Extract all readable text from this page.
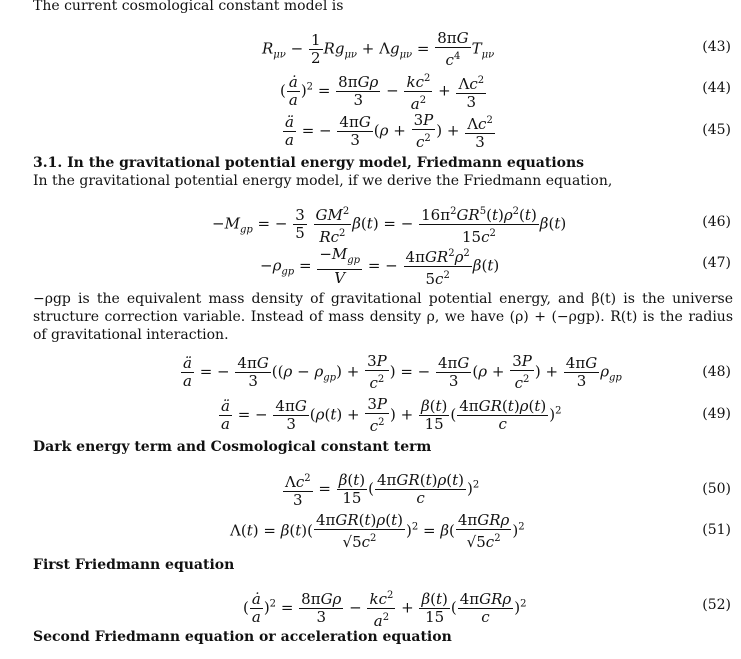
The current cosmological constant model is
$R_{\mu\nu} - \frac{1}{2} Rg_{\mu\nu} + \Lambda g_{\mu\nu} = \frac{8\pi G}{c^4} T_{\mu\nu}$	(43)
( $\frac{ȧ}{a} )^2 = \frac{\text{8πGρ}}{3} - \frac{kc^2}{a^2} + \frac{\Lambda c^2}{3}$	(44)
$\frac{ä}{a}$ = − $\frac{4\pi G}{3} (\rho + \frac{3P}{c^2}$ ) + $\frac{\Lambda c^2}{3}$	(45)
3.1. In the gravitational potential energy model, Friedmann equations
In the gravitational potential energy model, if we derive the Friedmann equation,
$-M_{gp}$ = − $\frac{3}{5}$
$\frac{GM^2}{Rc^2} \beta(t)$ = − $\frac{16\pi^2GR^5(t)\rho^2(t)}{15c^2} \beta(t)$	(46)
$-\rho_{gp} = \frac{-M_{gp}}{V}$ = − $\frac{4\pi GR^2\rho^2}{5c^2} \beta(t)$	(47)
−ρgp is the equivalent mass density of gravitational potential energy, and β(t) is the universe structure correction variable. Instead of mass density ρ, we have (ρ) + (−ρgp). R(t) is the radius of gravitational interaction.
$\frac{ä}{a}$ = − $\frac{4\pi G}{3} ((\rho - \rho_{gp}) + \frac{3P}{c^2}$ ) = − $\frac{4\pi G}{3} (\rho + \frac{3P}{c^2}$ ) + $\frac{4\pi G}{3} \rho_{gp}$	(48)
$\frac{ä}{a}$ = − $\frac{4\pi G}{3} (\rho(t) + \frac{3P}{c^2}$ ) + $\frac{\beta(t)}{15}$ ( $\frac{\text{4πGR(t)ρ(t)}}{c} )^2$	(49)
Dark energy term and Cosmological constant term
$\frac{\Lambda c^2}{3} = \frac{\beta(t)}{15}$ ( $\frac{\text{4πGR(t)ρ(t)}}{c} )^2$	(50)
$\Lambda(t) = \beta(t)( \frac{\text{4πGR(t)ρ(t)}}{√5c^2} )^2 = \beta( \frac{\text{4πGRρ}}{√5c^2} )^2$	(51)
First Friedmann equation
( $\frac{ȧ}{a} )^2 = \frac{\text{8πGρ}}{3} - \frac{kc^2}{a^2} + \frac{\beta(t)}{15}$ ( $\frac{\text{4πGRρ}}{c} )^2$	(52)
Second Friedmann equation or acceleration equation
